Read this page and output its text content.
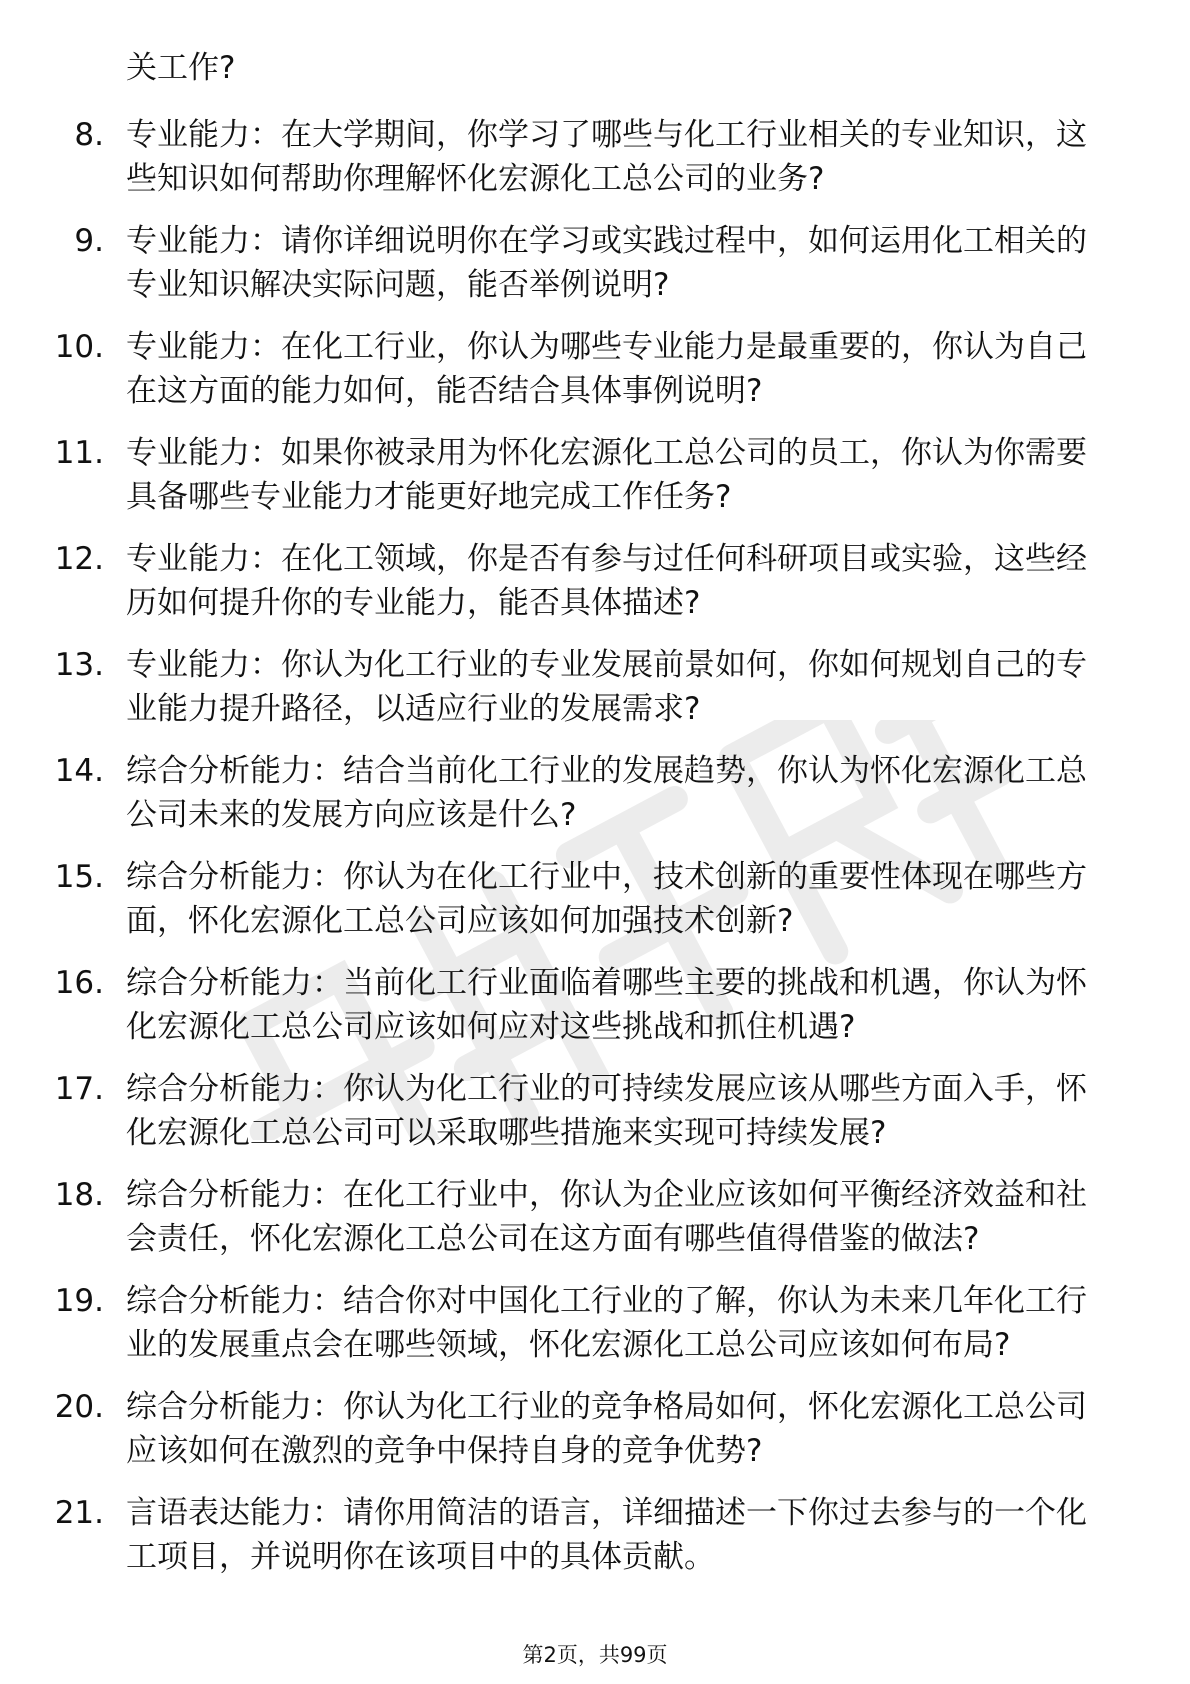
关工作?

8. 专业能力：在大学期间，你学习了哪些与化工行业相关的专业知识，这些知识如何帮助你理解怀化宏源化工总公司的业务?
9. 专业能力：请你详细说明你在学习或实践过程中，如何运用化工相关的专业知识解决实际问题，能否举例说明?
10. 专业能力：在化工行业，你认为哪些专业能力是最重要的，你认为自己在这方面的能力如何，能否结合具体事例说明?
11. 专业能力：如果你被录用为怀化宏源化工总公司的员工，你认为你需要具备哪些专业能力才能更好地完成工作任务?
12. 专业能力：在化工领域，你是否有参与过任何科研项目或实验，这些经历如何提升你的专业能力，能否具体描述?
13. 专业能力：你认为化工行业的专业发展前景如何，你如何规划自己的专业能力提升路径，以适应行业的发展需求?
14. 综合分析能力：结合当前化工行业的发展趋势，你认为怀化宏源化工总公司未来的发展方向应该是什么?
15. 综合分析能力：你认为在化工行业中，技术创新的重要性体现在哪些方面，怀化宏源化工总公司应该如何加强技术创新?
16. 综合分析能力：当前化工行业面临着哪些主要的挑战和机遇，你认为怀化宏源化工总公司应该如何应对这些挑战和抓住机遇?
17. 综合分析能力：你认为化工行业的可持续发展应该从哪些方面入手，怀化宏源化工总公司可以采取哪些措施来实现可持续发展?
18. 综合分析能力：在化工行业中，你认为企业应该如何平衡经济效益和社会责任，怀化宏源化工总公司在这方面有哪些值得借鉴的做法?
19. 综合分析能力：结合你对中国化工行业的了解，你认为未来几年化工行业的发展重点会在哪些领域，怀化宏源化工总公司应该如何布局?
20. 综合分析能力：你认为化工行业的竞争格局如何，怀化宏源化工总公司应该如何在激烈的竞争中保持自身的竞争优势?
21. 言语表达能力：请你用简洁的语言，详细描述一下你过去参与的一个化工项目，并说明你在该项目中的具体贡献。
第2页，共99页
